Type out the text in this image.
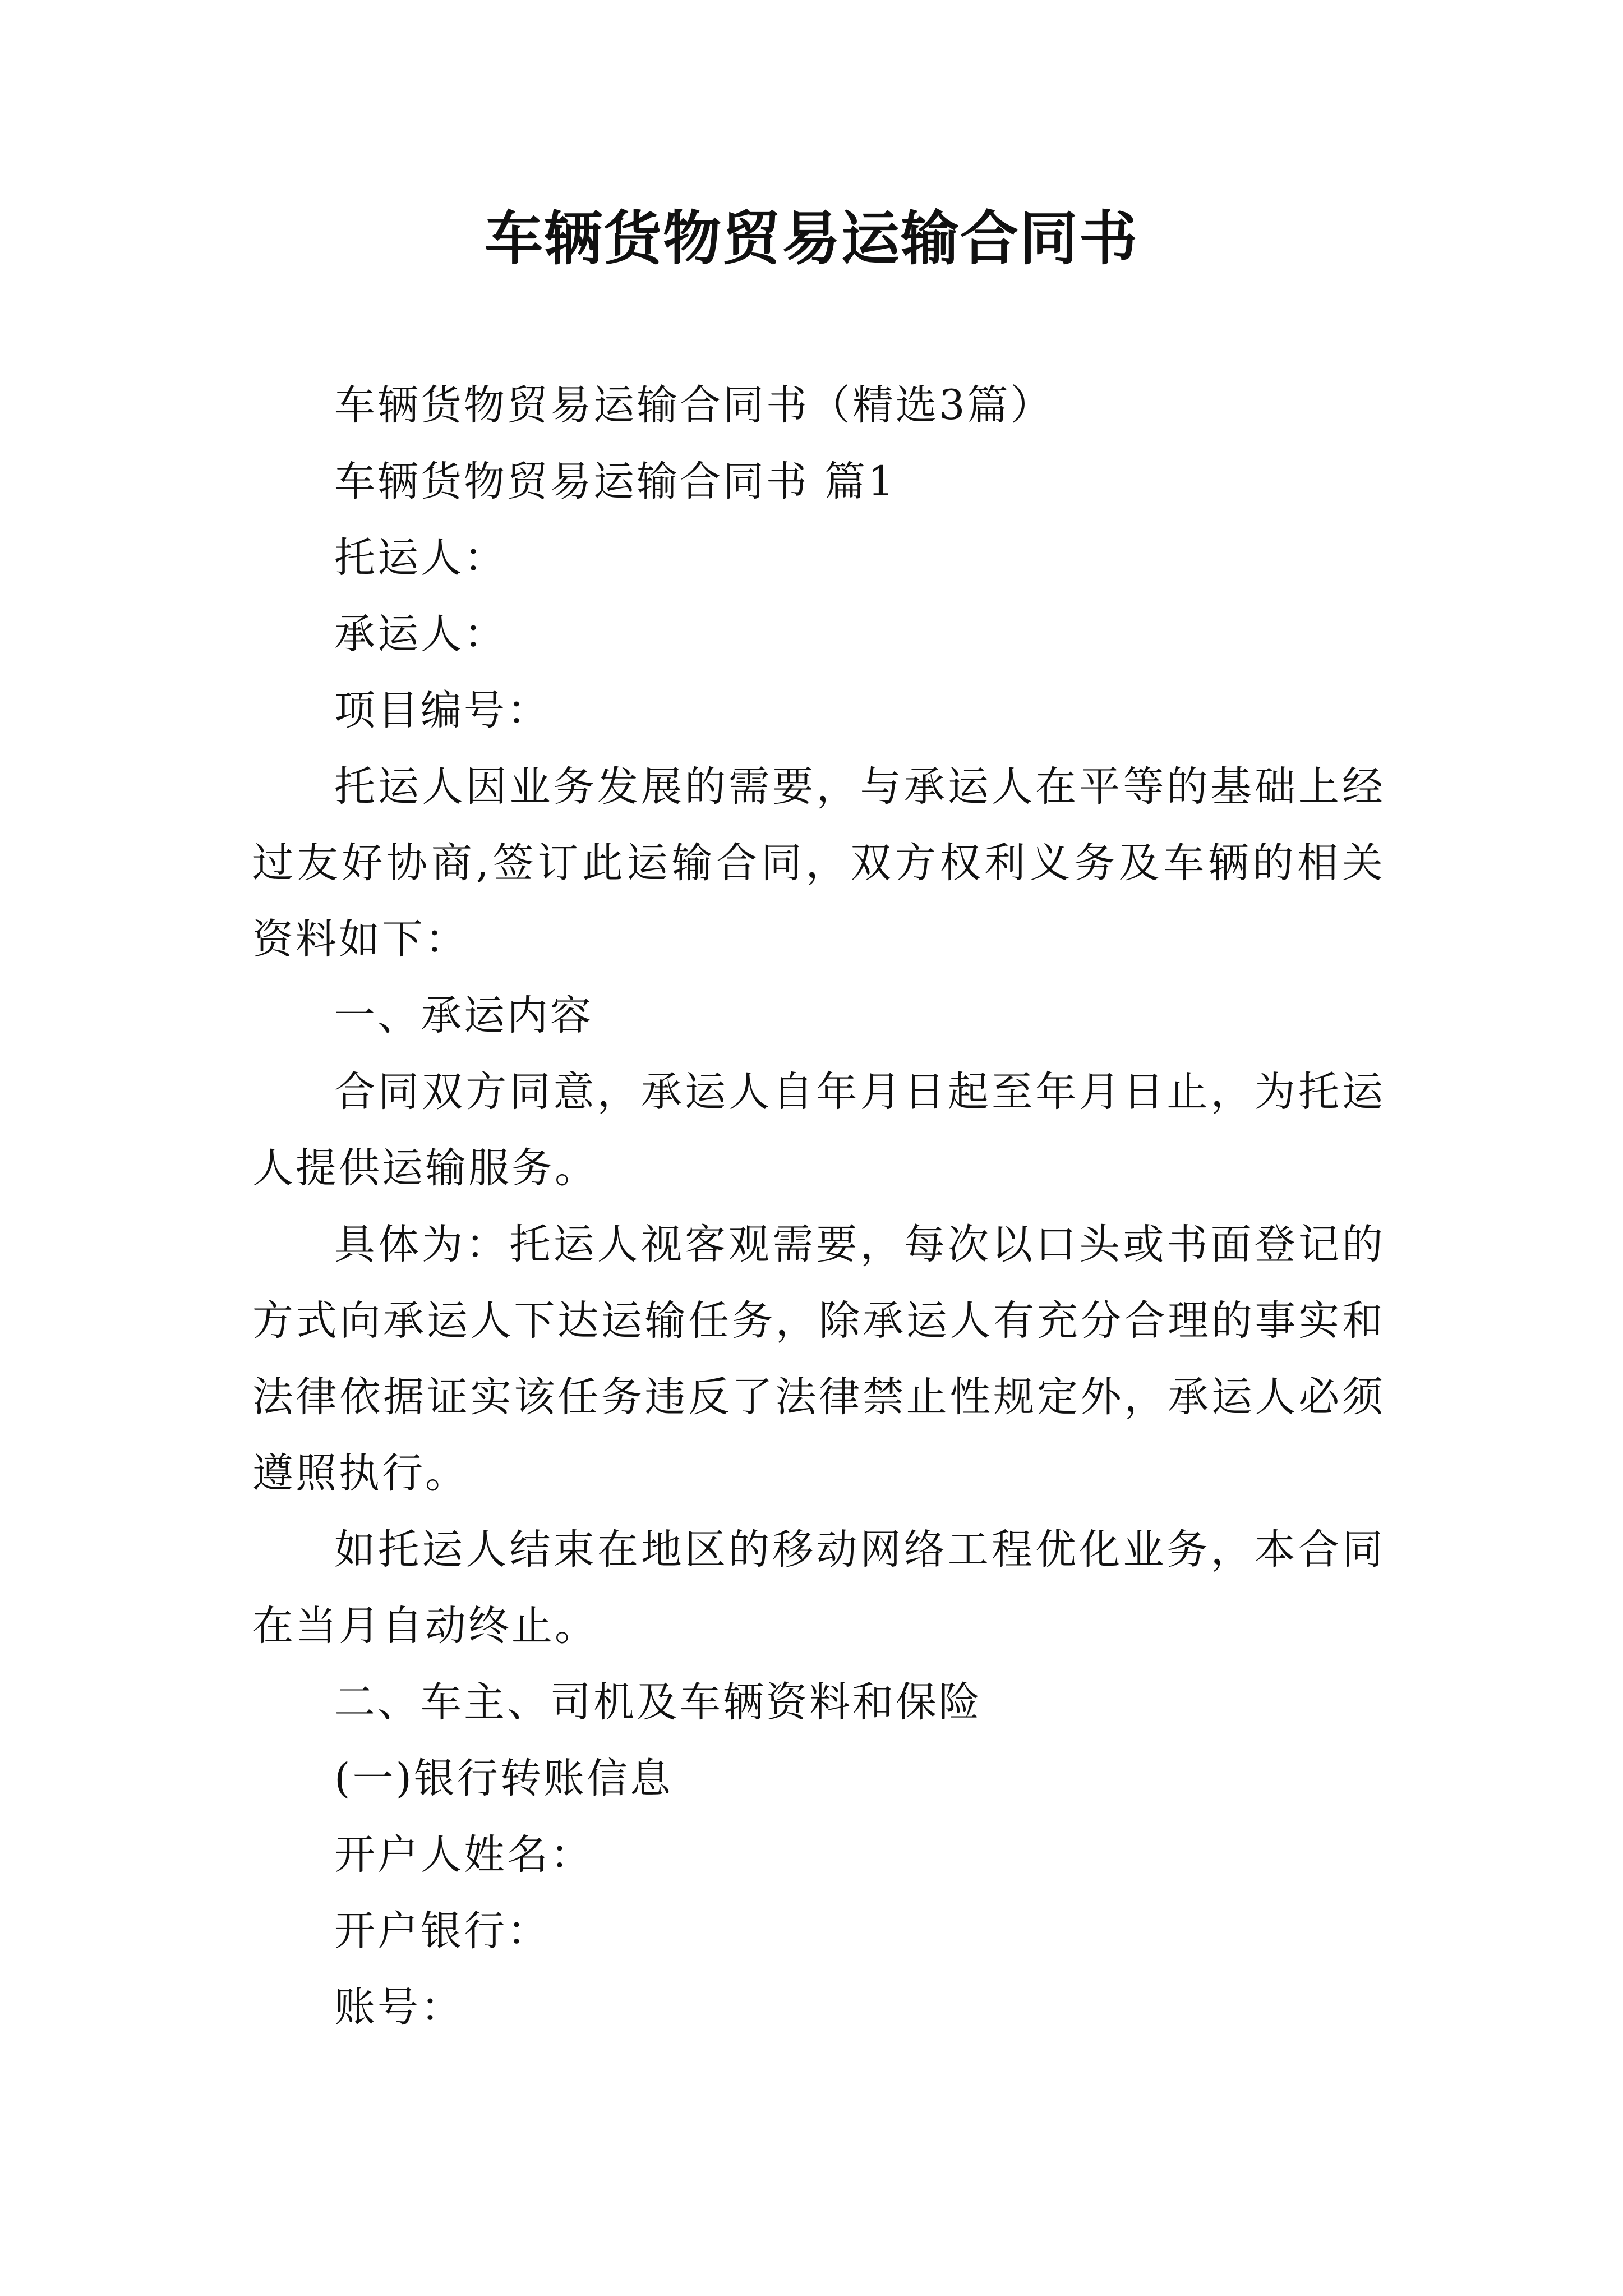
车辆货物贸易运输合同书

车辆货物贸易运输合同书（精选3篇）

车辆货物贸易运输合同书 篇1

托运人：

承运人：

项目编号：

托运人因业务发展的需要，与承运人在平等的基础上经过友好协商,签订此运输合同，双方权利义务及车辆的相关资料如下：

一、承运内容

合同双方同意，承运人自年月日起至年月日止，为托运人提供运输服务。

具体为：托运人视客观需要，每次以口头或书面登记的方式向承运人下达运输任务，除承运人有充分合理的事实和法律依据证实该任务违反了法律禁止性规定外，承运人必须遵照执行。

如托运人结束在地区的移动网络工程优化业务，本合同在当月自动终止。

二、车主、司机及车辆资料和保险

(一)银行转账信息

开户人姓名：

开户银行：

账号：
